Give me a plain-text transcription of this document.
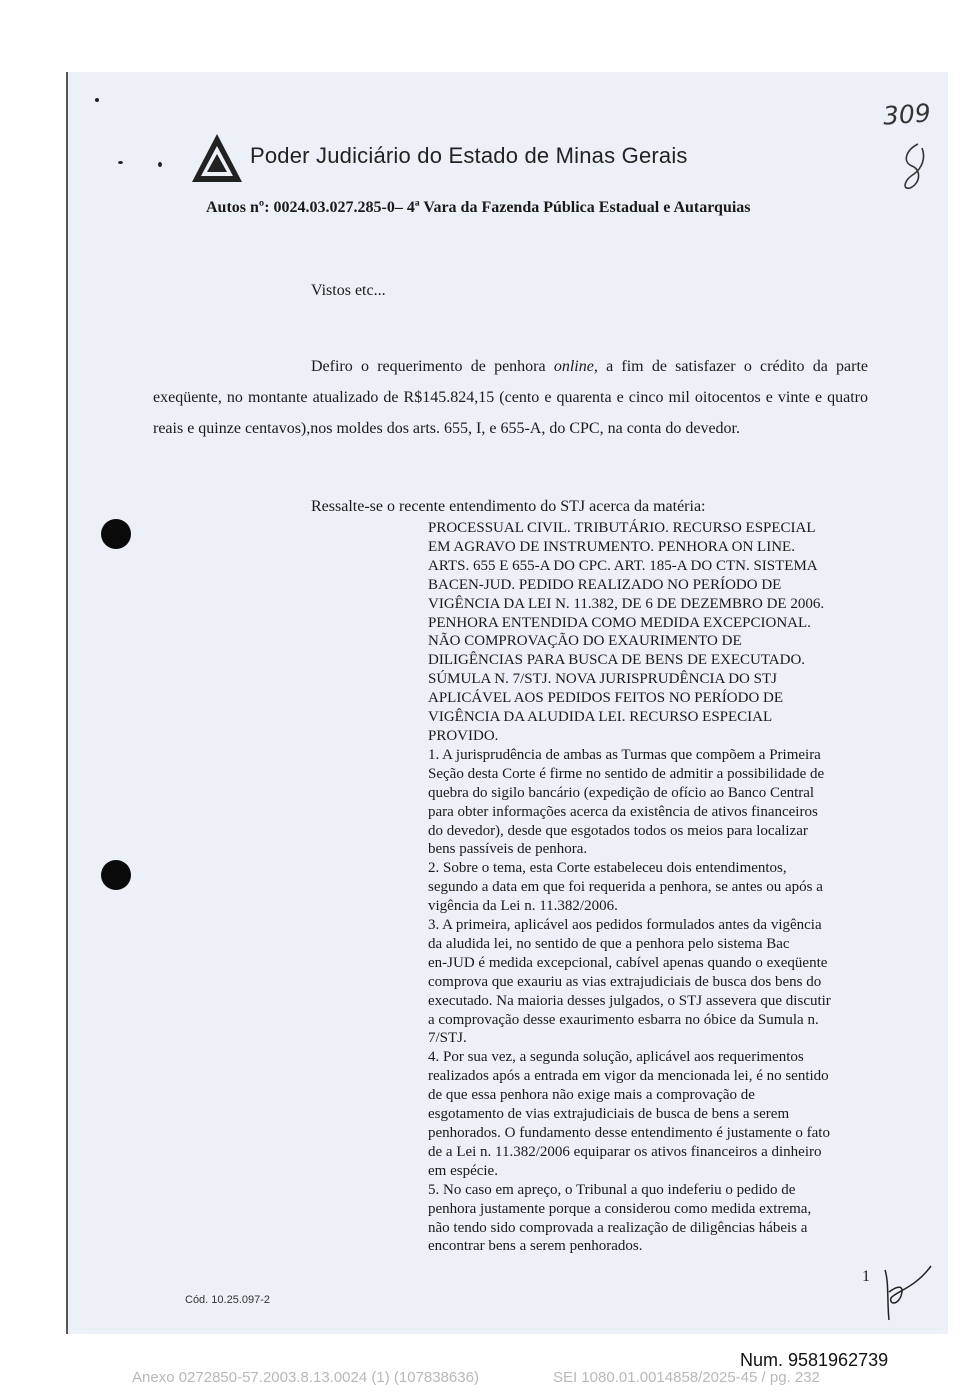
Poder Judiciário do Estado de Minas Gerais
309
Autos nº: 0024.03.027.285-0– 4ª Vara da Fazenda Pública Estadual e Autarquias
Vistos etc...
Defiro o requerimento de penhora online, a fim de satisfazer o crédito da parte exeqüente, no montante atualizado de R$145.824,15 (cento e quarenta e cinco mil oitocentos e vinte e quatro reais e quinze centavos),nos moldes dos arts. 655, I, e 655-A, do CPC, na conta do devedor.
Ressalte-se o recente entendimento do STJ acerca da matéria:
PROCESSUAL CIVIL. TRIBUTÁRIO. RECURSO ESPECIAL
EM AGRAVO DE INSTRUMENTO. PENHORA ON LINE.
ARTS. 655 E 655-A DO CPC. ART. 185-A DO CTN. SISTEMA
BACEN-JUD. PEDIDO REALIZADO NO PERÍODO DE
VIGÊNCIA DA LEI N. 11.382, DE 6 DE DEZEMBRO DE 2006.
PENHORA ENTENDIDA COMO MEDIDA EXCEPCIONAL.
NÃO COMPROVAÇÃO DO EXAURIMENTO DE
DILIGÊNCIAS PARA BUSCA DE BENS DE EXECUTADO.
SÚMULA N. 7/STJ. NOVA JURISPRUDÊNCIA DO STJ
APLICÁVEL AOS PEDIDOS FEITOS NO PERÍODO DE
VIGÊNCIA DA ALUDIDA LEI. RECURSO ESPECIAL
PROVIDO.
1. A jurisprudência de ambas as Turmas que compõem a Primeira
Seção desta Corte é firme no sentido de admitir a possibilidade de
quebra do sigilo bancário (expedição de ofício ao Banco Central
para obter informações acerca da existência de ativos financeiros
do devedor), desde que esgotados todos os meios para localizar
bens passíveis de penhora.
2. Sobre o tema, esta Corte estabeleceu dois entendimentos,
segundo a data em que foi requerida a penhora, se antes ou após a
vigência da Lei n. 11.382/2006.
3. A primeira, aplicável aos pedidos formulados antes da vigência
da aludida lei, no sentido de que a penhora pelo sistema Bac
en-JUD é medida excepcional, cabível apenas quando o exeqüente
comprova que exauriu as vias extrajudiciais de busca dos bens do
executado. Na maioria desses julgados, o STJ assevera que discutir
a comprovação desse exaurimento esbarra no óbice da Sumula n.
7/STJ.
4. Por sua vez, a segunda solução, aplicável aos requerimentos
realizados após a entrada em vigor da mencionada lei, é no sentido
de que essa penhora não exige mais a comprovação de
esgotamento de vias extrajudiciais de busca de bens a serem
penhorados. O fundamento desse entendimento é justamente o fato
de a Lei n. 11.382/2006 equiparar os ativos financeiros a dinheiro
em espécie.
5. No caso em apreço, o Tribunal a quo indeferiu o pedido de
penhora justamente porque a considerou como medida extrema,
não tendo sido comprovada a realização de diligências hábeis a
encontrar bens a serem penhorados.
Cód. 10.25.097-2
1
Num. 9581962739
Anexo 0272850-57.2003.8.13.0024 (1) (107838636)	SEI 1080.01.0014858/2025-45 / pg. 232
